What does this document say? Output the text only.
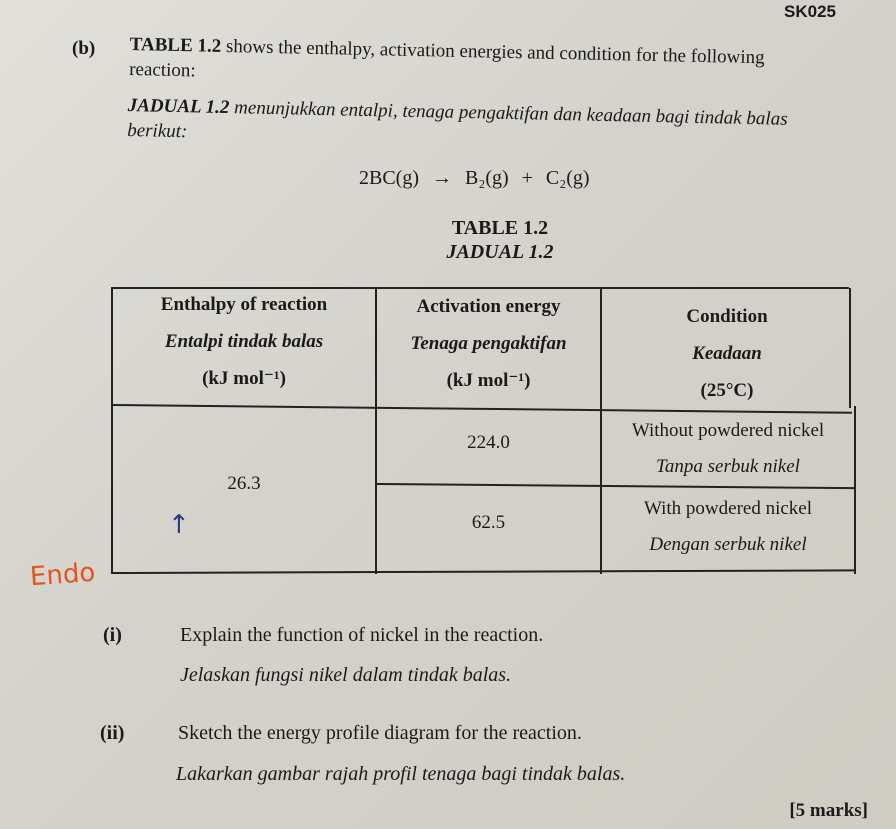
SK025
(b) TABLE 1.2 shows the enthalpy, activation energies and condition for the following reaction:
JADUAL 1.2 menunjukkan entalpi, tenaga pengaktifan dan keadaan bagi tindak balas berikut:
2BC(g) → B₂(g) + C₂(g)
TABLE 1.2
JADUAL 1.2
Enthalpy of reaction
Entalpi tindak balas
(kJ mol⁻¹)
Activation energy
Tenaga pengaktifan
(kJ mol⁻¹)
Condition
Keadaan
(25°C)
26.3
224.0
Without powdered nickel
Tanpa serbuk nikel
62.5
With powdered nickel
Dengan serbuk nikel
↑
Endo
(i)	Explain the function of nickel in the reaction.
Jelaskan fungsi nikel dalam tindak balas.
(ii)	Sketch the energy profile diagram for the reaction.
Lakarkan gambar rajah profil tenaga bagi tindak balas.
[5 marks]
